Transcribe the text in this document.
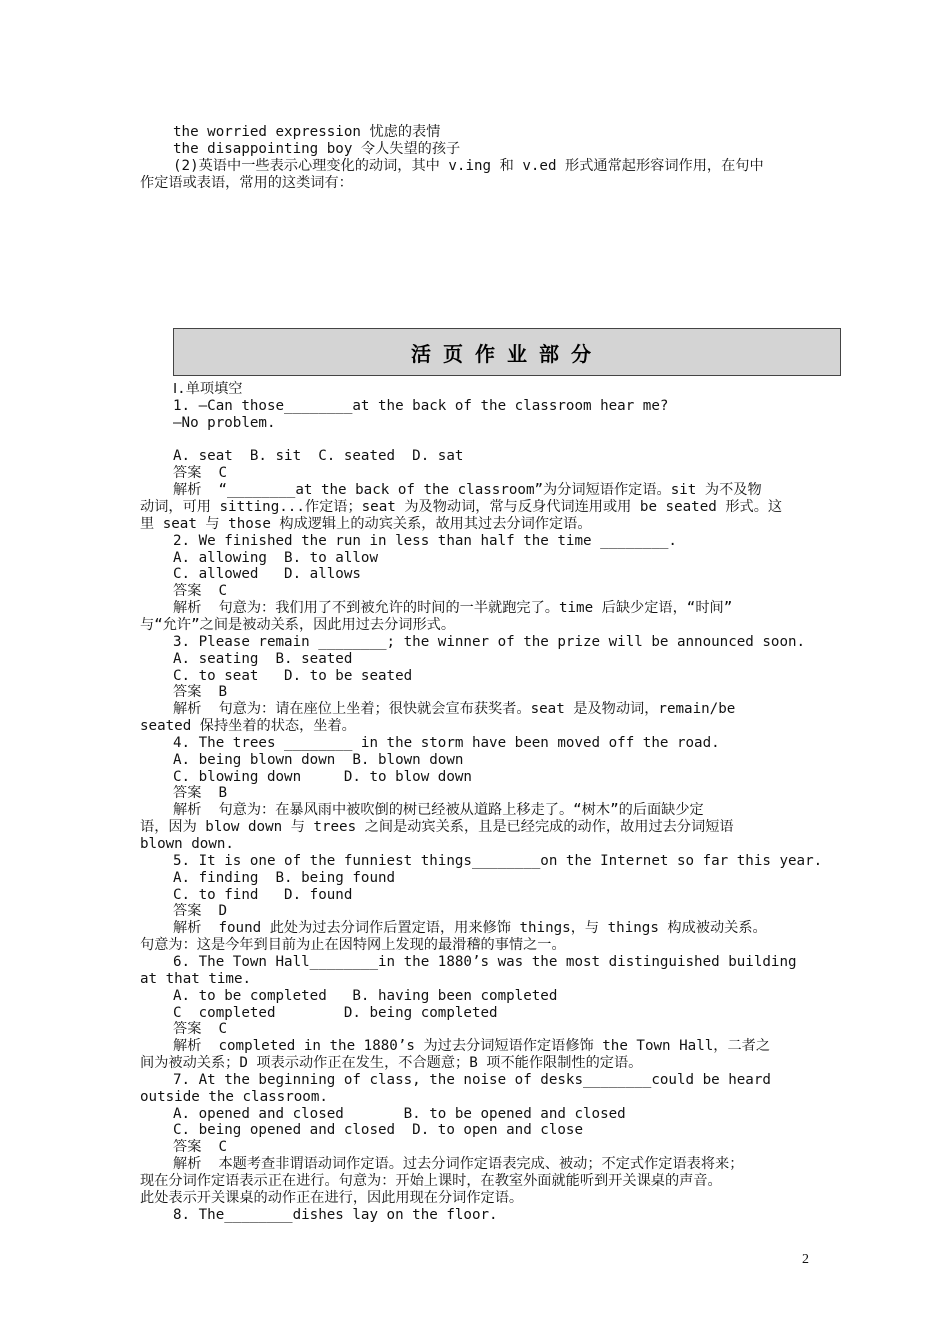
the worried expression 忧虑的表情
the disappointing boy 令人失望的孩子
(2)英语中一些表示心理变化的动词，其中 v.ing 和 v.ed 形式通常起形容词作用，在句中
作定语或表语，常用的这类词有：
活页作业部分
Ⅰ.单项填空
1. —Can those________at the back of the classroom hear me?
—No problem.
A. seat  B. sit  C. seated  D. sat
答案  C
解析  “________at the back of the classroom”为分词短语作定语。sit 为不及物
动词，可用 sitting...作定语；seat 为及物动词，常与反身代词连用或用 be seated 形式。这
里 seat 与 those 构成逻辑上的动宾关系，故用其过去分词作定语。
2. We finished the run in less than half the time ________.
A. allowing  B. to allow
C. allowed   D. allows
答案  C
解析  句意为：我们用了不到被允许的时间的一半就跑完了。time 后缺少定语，“时间”
与“允许”之间是被动关系，因此用过去分词形式。
3. Please remain ________; the winner of the prize will be announced soon.
A. seating  B. seated
C. to seat   D. to be seated
答案  B
解析  句意为：请在座位上坐着；很快就会宣布获奖者。seat 是及物动词，remain/be
seated 保持坐着的状态，坐着。
4. The trees ________ in the storm have been moved off the road.
A. being blown down  B. blown down
C. blowing down     D. to blow down
答案  B
解析  句意为：在暴风雨中被吹倒的树已经被从道路上移走了。“树木”的后面缺少定
语，因为 blow down 与 trees 之间是动宾关系，且是已经完成的动作，故用过去分词短语
blown down.
5. It is one of the funniest things________on the Internet so far this year.
A. finding  B. being found
C. to find   D. found
答案  D
解析  found 此处为过去分词作后置定语，用来修饰 things，与 things 构成被动关系。
句意为：这是今年到目前为止在因特网上发现的最滑稽的事情之一。
6. The Town Hall________in the 1880’s was the most distinguished building
at that time.
A. to be completed   B. having been completed
C  completed        D. being completed
答案  C
解析  completed in the 1880’s 为过去分词短语作定语修饰 the Town Hall，二者之
间为被动关系；D 项表示动作正在发生，不合题意；B 项不能作限制性的定语。
7. At the beginning of class, the noise of desks________could be heard
outside the classroom.
A. opened and closed       B. to be opened and closed
C. being opened and closed  D. to open and close
答案  C
解析  本题考查非谓语动词作定语。过去分词作定语表完成、被动；不定式作定语表将来；
现在分词作定语表示正在进行。句意为：开始上课时，在教室外面就能听到开关课桌的声音。
此处表示开关课桌的动作正在进行，因此用现在分词作定语。
8. The________dishes lay on the floor.
2
